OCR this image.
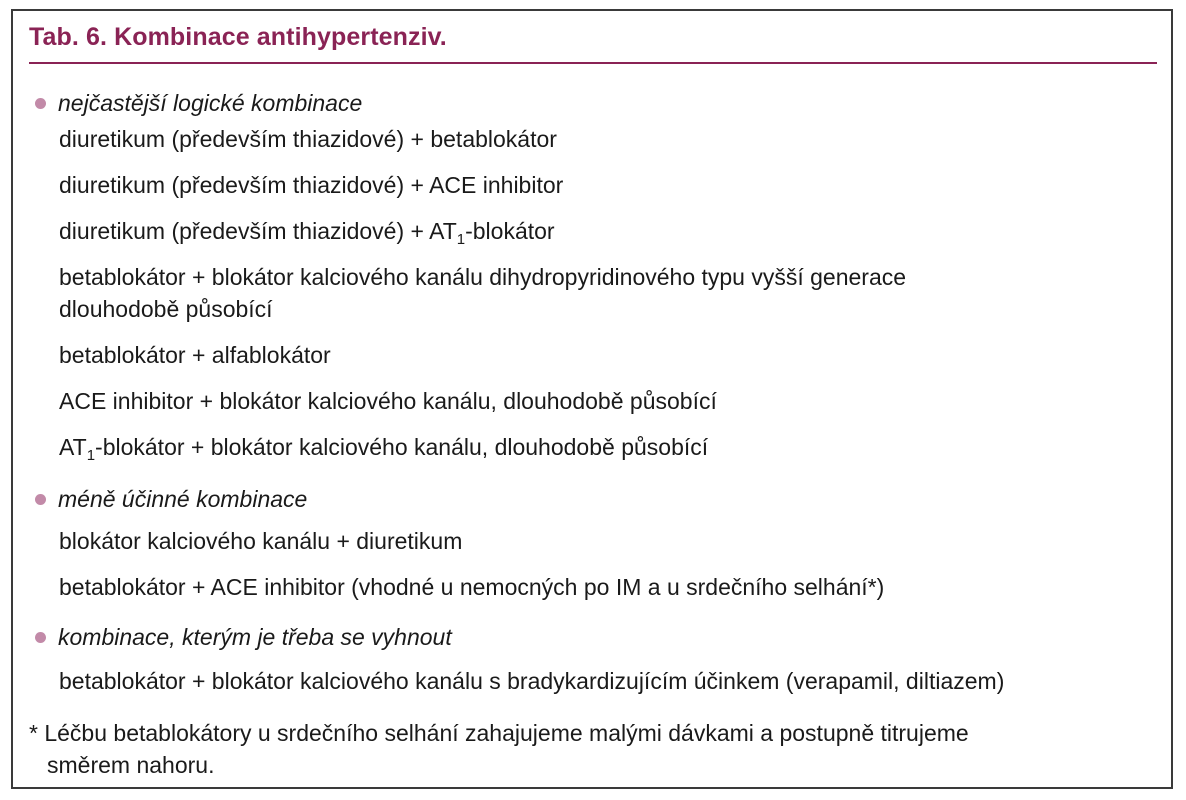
Tab. 6. Kombinace antihypertenziv.
nejčastější logické kombinace
diuretikum (především thiazidové) + betablokátor
diuretikum (především thiazidové) + ACE inhibitor
diuretikum (především thiazidové) + $AT_1$-blokátor
betablokátor + blokátor kalciového kanálu dihydropyridinového typu vyšší generace
dlouhodobě působící
betablokátor + alfablokátor
ACE inhibitor + blokátor kalciového kanálu, dlouhodobě působící
$AT_1$-blokátor + blokátor kalciového kanálu, dlouhodobě působící
méně účinné kombinace
blokátor kalciového kanálu + diuretikum
betablokátor + ACE inhibitor (vhodné u nemocných po IM a u srdečního selhání*)
kombinace, kterým je třeba se vyhnout
betablokátor + blokátor kalciového kanálu s bradykardizujícím účinkem (verapamil, diltiazem)
* Léčbu betablokátory u srdečního selhání zahajujeme malými dávkami a postupně titrujeme
směrem nahoru.
